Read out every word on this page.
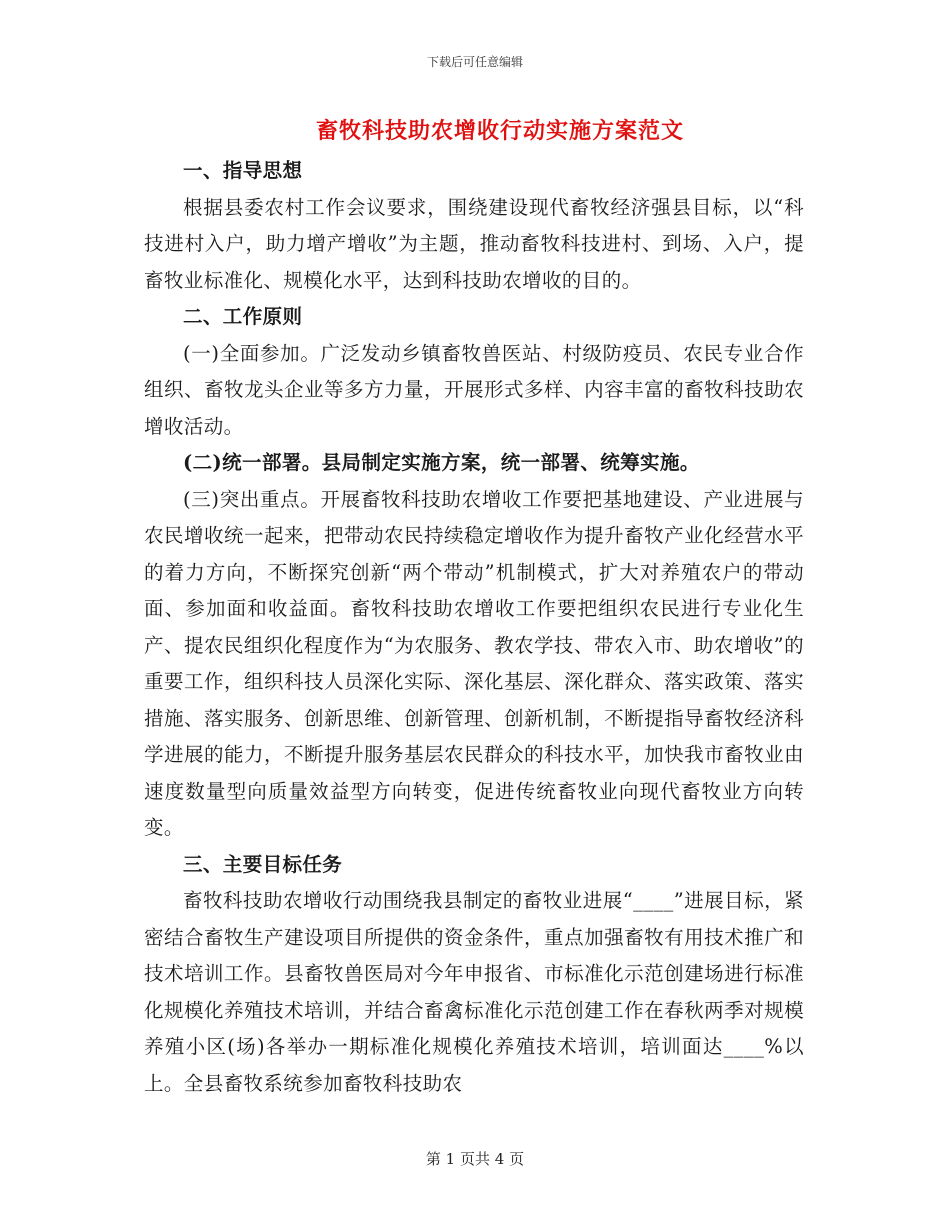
下载后可任意编辑
畜牧科技助农增收行动实施方案范文

一、指导思想

根据县委农村工作会议要求，围绕建设现代畜牧经济强县目标，以“科技进村入户，助力增产增收”为主题，推动畜牧科技进村、到场、入户，提畜牧业标准化、规模化水平，达到科技助农增收的目的。

二、工作原则

(一)全面参加。广泛发动乡镇畜牧兽医站、村级防疫员、农民专业合作组织、畜牧龙头企业等多方力量，开展形式多样、内容丰富的畜牧科技助农增收活动。

(二)统一部署。县局制定实施方案，统一部署、统筹实施。

(三)突出重点。开展畜牧科技助农增收工作要把基地建设、产业进展与农民增收统一起来，把带动农民持续稳定增收作为提升畜牧产业化经营水平的着力方向，不断探究创新“两个带动”机制模式，扩大对养殖农户的带动面、参加面和收益面。畜牧科技助农增收工作要把组织农民进行专业化生产、提农民组织化程度作为“为农服务、教农学技、带农入市、助农增收”的重要工作，组织科技人员深化实际、深化基层、深化群众、落实政策、落实措施、落实服务、创新思维、创新管理、创新机制，不断提指导畜牧经济科学进展的能力，不断提升服务基层农民群众的科技水平，加快我市畜牧业由速度数量型向质量效益型方向转变，促进传统畜牧业向现代畜牧业方向转变。

三、主要目标任务

畜牧科技助农增收行动围绕我县制定的畜牧业进展“____”进展目标，紧密结合畜牧生产建设项目所提供的资金条件，重点加强畜牧有用技术推广和技术培训工作。县畜牧兽医局对今年申报省、市标准化示范创建场进行标准化规模化养殖技术培训，并结合畜禽标准化示范创建工作在春秋两季对规模养殖小区(场)各举办一期标准化规模化养殖技术培训，培训面达____%以上。全县畜牧系统参加畜牧科技助农

第 1 页共 4 页
